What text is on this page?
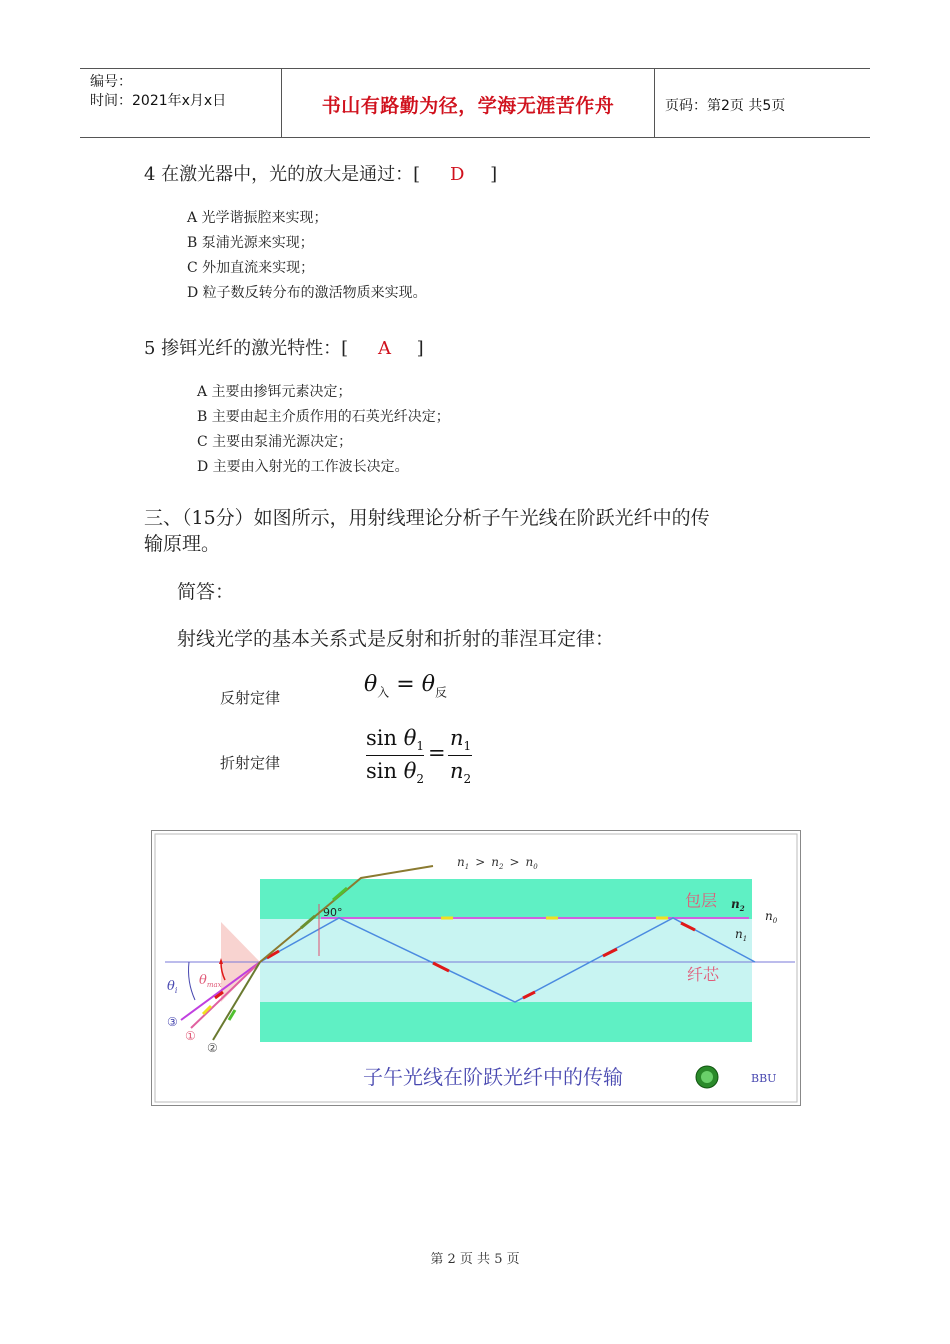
编号：
时间：2021年x月x日	书山有路勤为径，学海无涯苦作舟	页码：第2页 共5页
4 在激光器中，光的放大是通过：[ D ]
A 光学谐振腔来实现；
B 泵浦光源来实现；
C 外加直流来实现；
D 粒子数反转分布的激活物质来实现。
5 掺铒光纤的激光特性：[ A ]
A 主要由掺铒元素决定；
B 主要由起主介质作用的石英光纤决定；
C 主要由泵浦光源决定；
D 主要由入射光的工作波长决定。
三、（15分）如图所示，用射线理论分析子午光线在阶跃光纤中的传
输原理。
简答：
射线光学的基本关系式是反射和折射的菲涅耳定律：
反射定律
$\theta_入 = \theta_反$
折射定律
$\sin \theta_1$
$\sin \theta_2$
=
$n_1$
$n_2$
90°
$\theta_i$
$\theta_{max}$
③
①
②
$n_1 > n_2 > n_0$
包层 $n_2$
$n_0$
$n_1$
纤芯
子午光线在阶跃光纤中的传输	BBU
第 2 页 共 5 页
